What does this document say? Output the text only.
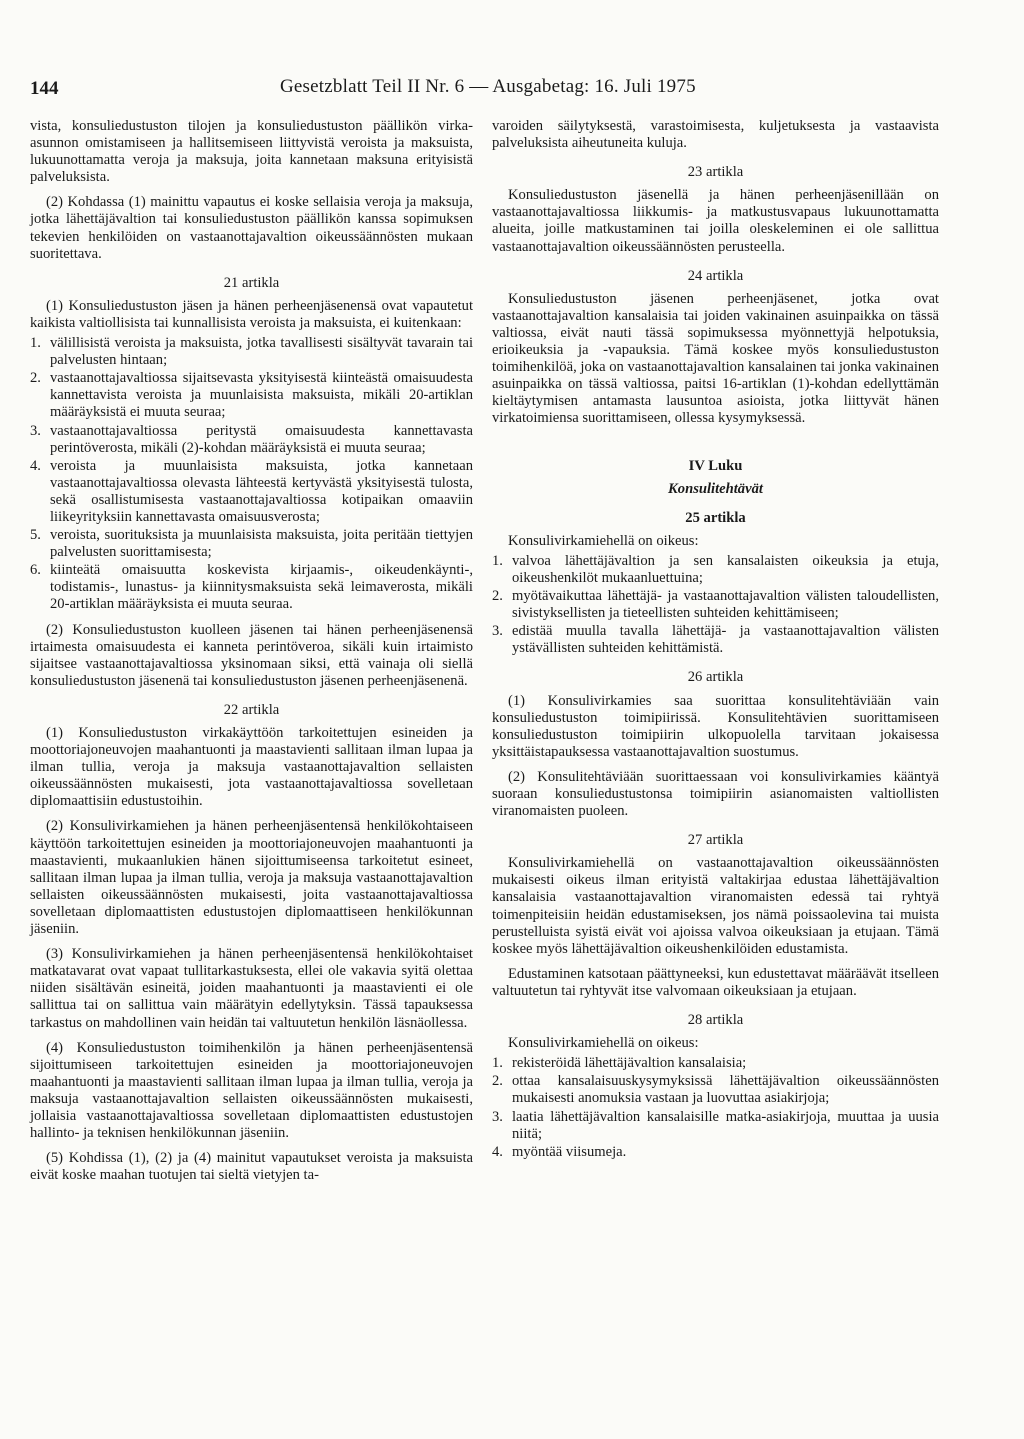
144	Gesetzblatt Teil II Nr. 6 — Ausgabetag: 16. Juli 1975

vista, konsuliedustuston tilojen ja konsuliedustuston päällikön virka-asunnon omistamiseen ja hallitsemiseen liittyvistä veroista ja maksuista, lukuunottamatta veroja ja maksuja, joita kannetaan maksuna erityisistä palveluksista.

(2) Kohdassa (1) mainittu vapautus ei koske sellaisia veroja ja maksuja, jotka lähettäjävaltion tai konsuliedustuston päällikön kanssa sopimuksen tekevien henkilöiden on vastaanottajavaltion oikeussäännösten mukaan suoritettava.

21 artikla

(1) Konsuliedustuston jäsen ja hänen perheenjäsenensä ovat vapautetut kaikista valtiollisista tai kunnallisista veroista ja maksuista, ei kuitenkaan:

1. välillisistä veroista ja maksuista, jotka tavallisesti sisältyvät tavarain tai palvelusten hintaan;
2. vastaanottajavaltiossa sijaitsevasta yksityisestä kiinteästä omaisuudesta kannettavista veroista ja muunlaisista maksuista, mikäli 20-artiklan määräyksistä ei muuta seuraa;
3. vastaanottajavaltiossa peritystä omaisuudesta kannettavasta perintöverosta, mikäli (2)-kohdan määräyksistä ei muuta seuraa;
4. veroista ja muunlaisista maksuista, jotka kannetaan vastaanottajavaltiossa olevasta lähteestä kertyvästä yksityisestä tulosta, sekä osallistumisesta vastaanottajavaltiossa kotipaikan omaaviin liikeyrityksiin kannettavasta omaisuusverosta;
5. veroista, suorituksista ja muunlaisista maksuista, joita peritään tiettyjen palvelusten suorittamisesta;
6. kiinteätä omaisuutta koskevista kirjaamis-, oikeudenkäynti-, todistamis-, lunastus- ja kiinnitysmaksuista sekä leimaverosta, mikäli 20-artiklan määräyksista ei muuta seuraa.

(2) Konsuliedustuston kuolleen jäsenen tai hänen perheenjäsenensä irtaimesta omaisuudesta ei kanneta perintöveroa, sikäli kuin irtaimisto sijaitsee vastaanottajavaltiossa yksinomaan siksi, että vainaja oli siellä konsuliedustuston jäsenenä tai konsuliedustuston jäsenen perheenjäsenenä.

22 artikla

(1) Konsuliedustuston virkakäyttöön tarkoitettujen esineiden ja moottoriajoneuvojen maahantuonti ja maastavienti sallitaan ilman lupaa ja ilman tullia, veroja ja maksuja vastaanottajavaltion sellaisten oikeussäännösten mukaisesti, jota vastaanottajavaltiossa sovelletaan diplomaattisiin edustustoihin.

(2) Konsulivirkamiehen ja hänen perheenjäsentensä henkilökohtaiseen käyttöön tarkoitettujen esineiden ja moottoriajoneuvojen maahantuonti ja maastavienti, mukaanlukien hänen sijoittumiseensa tarkoitetut esineet, sallitaan ilman lupaa ja ilman tullia, veroja ja maksuja vastaanottajavaltion sellaisten oikeussäännösten mukaisesti, joita vastaanottajavaltiossa sovelletaan diplomaattisten edustustojen diplomaattiseen henkilökunnan jäseniin.

(3) Konsulivirkamiehen ja hänen perheenjäsentensä henkilökohtaiset matkatavarat ovat vapaat tullitarkastuksesta, ellei ole vakavia syitä olettaa niiden sisältävän esineitä, joiden maahantuonti ja maastavienti ei ole sallittua tai on sallittua vain määrätyin edellytyksin. Tässä tapauksessa tarkastus on mahdollinen vain heidän tai valtuutetun henkilön läsnäollessa.

(4) Konsuliedustuston toimihenkilön ja hänen perheenjäsentensä sijoittumiseen tarkoitettujen esineiden ja moottoriajoneuvojen maahantuonti ja maastavienti sallitaan ilman lupaa ja ilman tullia, veroja ja maksuja vastaanottajavaltion sellaisten oikeussäännösten mukaisesti, jollaisia vastaanottajavaltiossa sovelletaan diplomaattisten edustustojen hallinto- ja teknisen henkilökunnan jäseniin.

(5) Kohdissa (1), (2) ja (4) mainitut vapautukset veroista ja maksuista eivät koske maahan tuotujen tai sieltä vietyjen ta-

varoiden säilytyksestä, varastoimisesta, kuljetuksesta ja vastaavista palveluksista aiheutuneita kuluja.

23 artikla

Konsuliedustuston jäsenellä ja hänen perheenjäsenillään on vastaanottajavaltiossa liikkumis- ja matkustusvapaus lukuunottamatta alueita, joille matkustaminen tai joilla oleskeleminen ei ole sallittua vastaanottajavaltion oikeussäännösten perusteella.

24 artikla

Konsuliedustuston jäsenen perheenjäsenet, jotka ovat vastaanottajavaltion kansalaisia tai joiden vakinainen asuinpaikka on tässä valtiossa, eivät nauti tässä sopimuksessa myönnettyjä helpotuksia, erioikeuksia ja -vapauksia. Tämä koskee myös konsuliedustuston toimihenkilöä, joka on vastaanottajavaltion kansalainen tai jonka vakinainen asuinpaikka on tässä valtiossa, paitsi 16-artiklan (1)-kohdan edellyttämän kieltäytymisen antamasta lausuntoa asioista, jotka liittyvät hänen virkatoimiensa suorittamiseen, ollessa kysymyksessä.

IV Luku
Konsulitehtävät
25 artikla

Konsulivirkamiehellä on oikeus:

1. valvoa lähettäjävaltion ja sen kansalaisten oikeuksia ja etuja, oikeushenkilöt mukaanluettuina;
2. myötävaikuttaa lähettäjä- ja vastaanottajavaltion välisten taloudellisten, sivistyksellisten ja tieteellisten suhteiden kehittämiseen;
3. edistää muulla tavalla lähettäjä- ja vastaanottajavaltion välisten ystävällisten suhteiden kehittämistä.
26 artikla

(1) Konsulivirkamies saa suorittaa konsulitehtäviään vain konsuliedustuston toimipiirissä. Konsulitehtävien suorittamiseen konsuliedustuston toimipiirin ulkopuolella tarvitaan jokaisessa yksittäistapauksessa vastaanottajavaltion suostumus.

(2) Konsulitehtäviään suorittaessaan voi konsulivirkamies kääntyä suoraan konsuliedustustonsa toimipiirin asianomaisten valtiollisten viranomaisten puoleen.

27 artikla

Konsulivirkamiehellä on vastaanottajavaltion oikeussäännösten mukaisesti oikeus ilman erityistä valtakirjaa edustaa lähettäjävaltion kansalaisia vastaanottajavaltion viranomaisten edessä tai ryhtyä toimenpiteisiin heidän edustamiseksen, jos nämä poissaolevina tai muista perustelluista syistä eivät voi ajoissa valvoa oikeuksiaan ja etujaan. Tämä koskee myös lähettäjävaltion oikeushenkilöiden edustamista.

Edustaminen katsotaan päättyneeksi, kun edustettavat määräävät itselleen valtuutetun tai ryhtyvät itse valvomaan oikeuksiaan ja etujaan.

28 artikla

Konsulivirkamiehellä on oikeus:

1. rekisteröidä lähettäjävaltion kansalaisia;
2. ottaa kansalaisuuskysymyksissä lähettäjävaltion oikeussäännösten mukaisesti anomuksia vastaan ja luovuttaa asiakirjoja;
3. laatia lähettäjävaltion kansalaisille matka-asiakirjoja, muuttaa ja uusia niitä;
4. myöntää viisumeja.
